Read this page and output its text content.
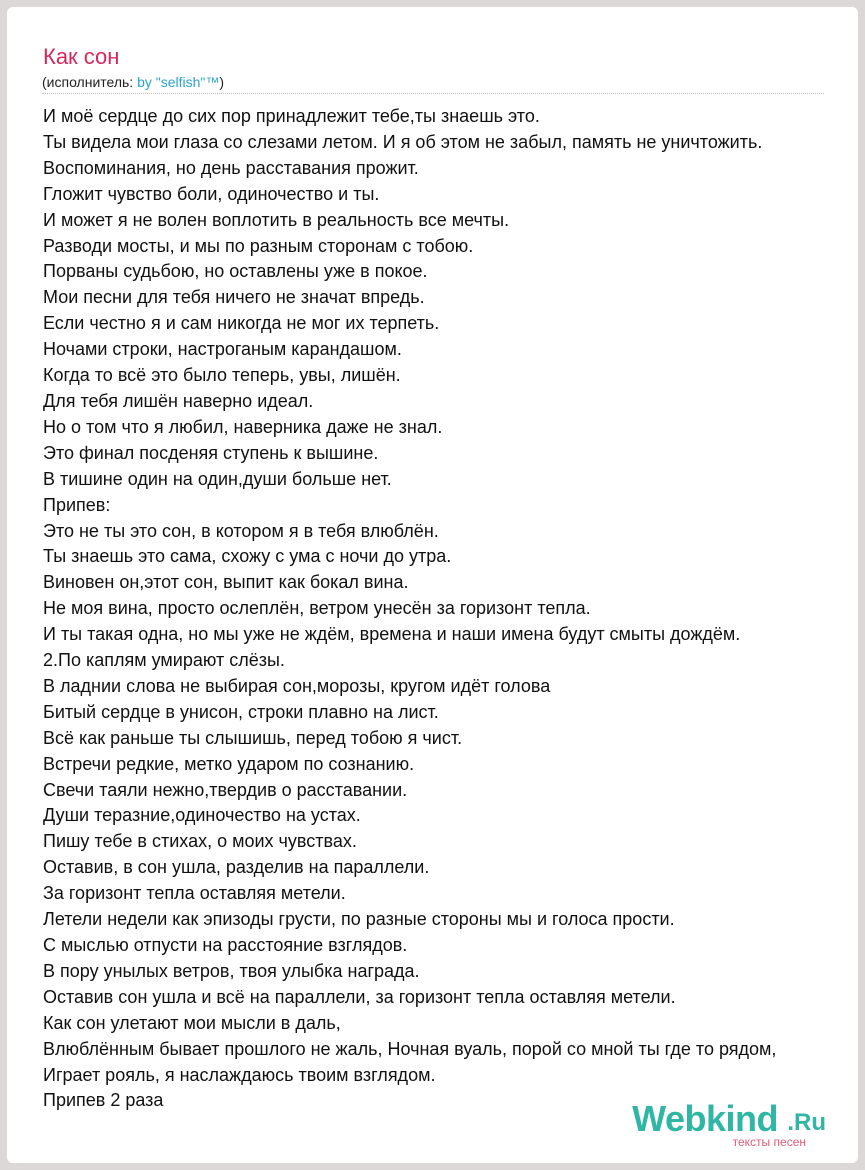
Как сон
(исполнитель: by "selfish"™)
И моё сердце до сих пор принадлежит тебе,ты знаешь это.
Ты видела мои глаза со слезами летом. И я об этом не забыл, память не уничтожить.
Воспоминания, но день расставания прожит.
Гложит чувство боли, одиночество и ты.
И может я не волен воплотить в реальность все мечты.
Разводи мосты, и мы по разным сторонам с тобою.
Порваны судьбою, но оставлены уже в покое.
Мои песни для тебя ничего не значат впредь.
Если честно я и сам никогда не мог их терпеть.
Ночами строки, настроганым карандашом.
Когда то всё это было теперь, увы, лишён.
Для тебя лишён наверно идеал.
Но о том что я любил, наверника даже не знал.
Это финал посденяя ступень к вышине.
В тишине один на один,души больше нет.
Припев:
Это не ты это сон, в котором я в тебя влюблён.
Ты знаешь это сама, схожу с ума с ночи до утра.
Виновен он,этот сон, выпит как бокал вина.
Не моя вина, просто ослеплён, ветром унесён за горизонт тепла.
И ты такая одна, но мы уже не ждём, времена и наши имена будут смыты дождём.
2.По каплям умирают слёзы.
В ладнии слова не выбирая сон,морозы, кругом идёт голова
Битый сердце в унисон, строки плавно на лист.
Всё как раньше ты слышишь, перед тобою я чист.
Встречи редкие, метко ударом по сознанию.
Свечи таяли нежно,твердив о расставании.
Души теразние,одиночество на устах.
Пишу тебе в стихах, о моих чувствах.
Оставив, в сон ушла, разделив на параллели.
За горизонт тепла оставляя метели.
Летели недели как эпизоды грусти, по разные стороны мы и голоса прости.
С мыслью отпусти на расстояние взглядов.
В пору унылых ветров, твоя улыбка награда.
Оставив сон ушла и всё на параллели, за горизонт тепла оставляя метели.
Как сон улетают мои мысли в даль,
Влюблённым бывает прошлого не жаль, Ночная вуаль, порой со мной ты где то рядом,
Играет рояль, я наслаждаюсь твоим взглядом.
Припев 2 раза	Webkind .Ru
тексты песен
